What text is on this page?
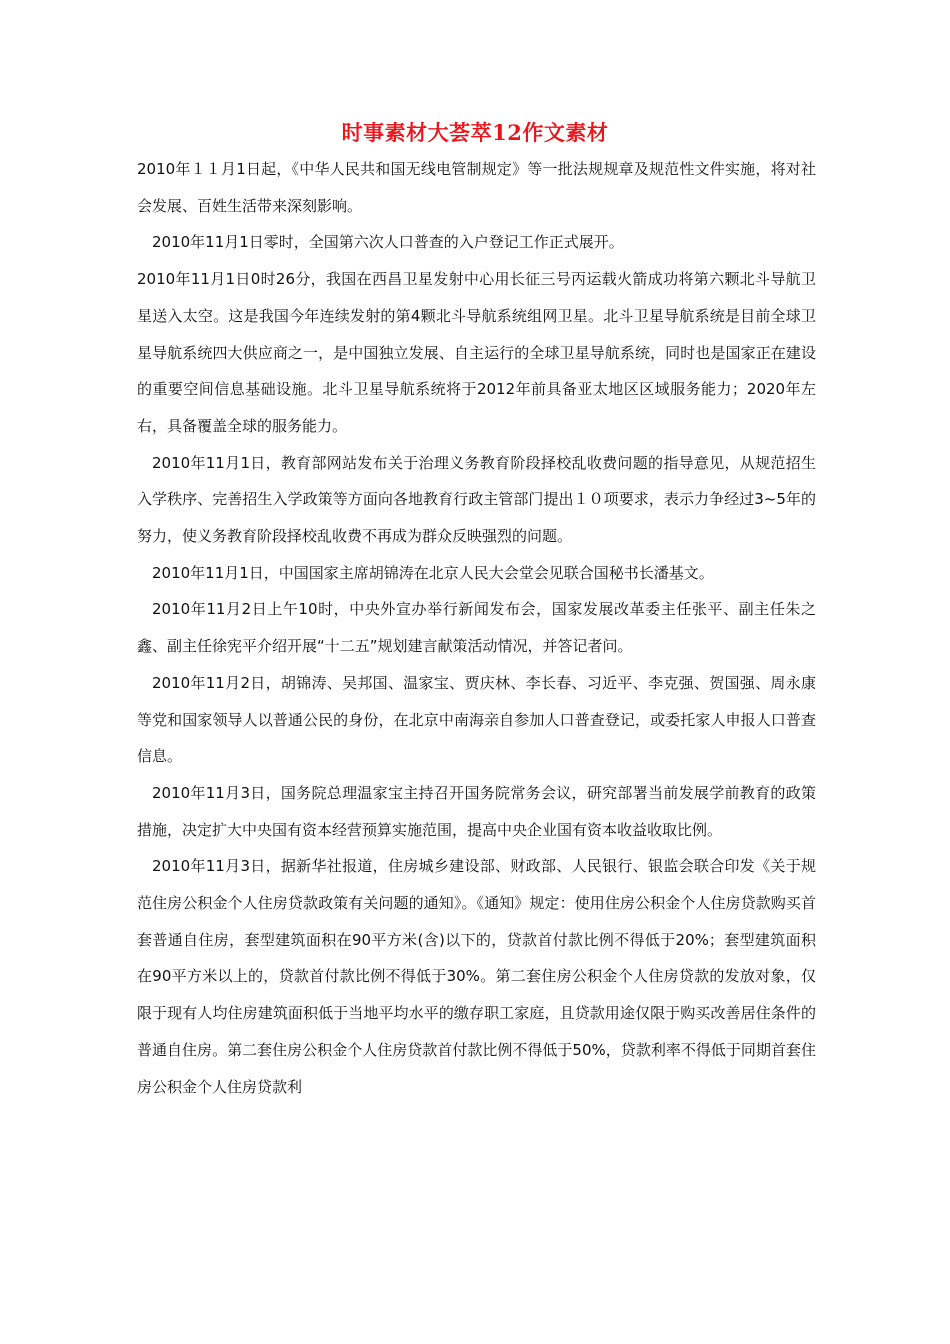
时事素材大荟萃12作文素材

2010年１１月1日起，《中华人民共和国无线电管制规定》等一批法规规章及规范性文件实施，将对社会发展、百姓生活带来深刻影响。

2010年11月1日零时，全国第六次人口普查的入户登记工作正式展开。

2010年11月1日0时26分，我国在西昌卫星发射中心用长征三号丙运载火箭成功将第六颗北斗导航卫星送入太空。这是我国今年连续发射的第4颗北斗导航系统组网卫星。北斗卫星导航系统是目前全球卫星导航系统四大供应商之一，是中国独立发展、自主运行的全球卫星导航系统，同时也是国家正在建设的重要空间信息基础设施。北斗卫星导航系统将于2012年前具备亚太地区区域服务能力；2020年左右，具备覆盖全球的服务能力。

2010年11月1日，教育部网站发布关于治理义务教育阶段择校乱收费问题的指导意见，从规范招生入学秩序、完善招生入学政策等方面向各地教育行政主管部门提出１０项要求，表示力争经过3~5年的努力，使义务教育阶段择校乱收费不再成为群众反映强烈的问题。

2010年11月1日，中国国家主席胡锦涛在北京人民大会堂会见联合国秘书长潘基文。

2010年11月2日上午10时，中央外宣办举行新闻发布会，国家发展改革委主任张平、副主任朱之鑫、副主任徐宪平介绍开展“十二五”规划建言献策活动情况，并答记者问。

2010年11月2日，胡锦涛、吴邦国、温家宝、贾庆林、李长春、习近平、李克强、贺国强、周永康等党和国家领导人以普通公民的身份，在北京中南海亲自参加人口普查登记，或委托家人申报人口普查信息。

2010年11月3日，国务院总理温家宝主持召开国务院常务会议，研究部署当前发展学前教育的政策措施，决定扩大中央国有资本经营预算实施范围，提高中央企业国有资本收益收取比例。

2010年11月3日，据新华社报道，住房城乡建设部、财政部、人民银行、银监会联合印发《关于规范住房公积金个人住房贷款政策有关问题的通知》。《通知》规定：使用住房公积金个人住房贷款购买首套普通自住房，套型建筑面积在90平方米(含)以下的，贷款首付款比例不得低于20%；套型建筑面积在90平方米以上的，贷款首付款比例不得低于30%。第二套住房公积金个人住房贷款的发放对象，仅限于现有人均住房建筑面积低于当地平均水平的缴存职工家庭，且贷款用途仅限于购买改善居住条件的普通自住房。第二套住房公积金个人住房贷款首付款比例不得低于50%，贷款利率不得低于同期首套住房公积金个人住房贷款利
